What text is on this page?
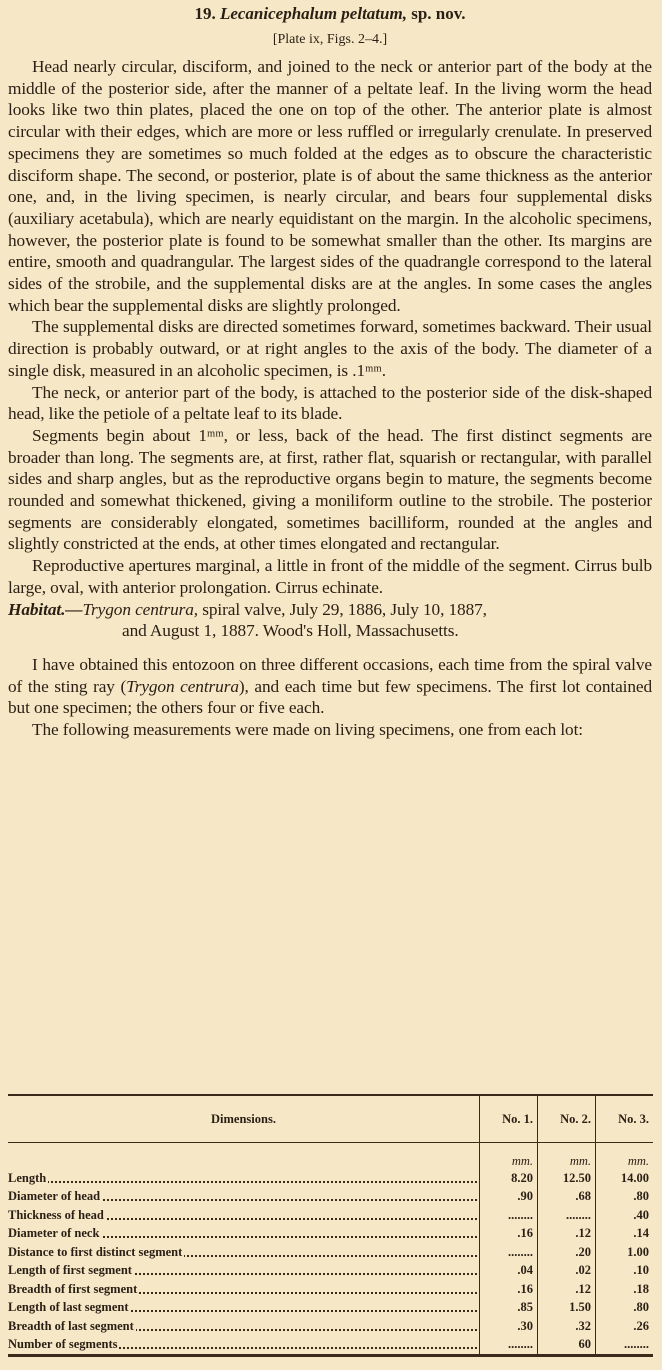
19. Lecanicephalum peltatum, sp. nov.
[Plate ix, Figs. 2–4.]

Head nearly circular, disciform, and joined to the neck or anterior part of the body at the middle of the posterior side, after the manner of a peltate leaf. In the living worm the head looks like two thin plates, placed the one on top of the other. The anterior plate is almost circular with their edges, which are more or less ruffled or irregularly crenulate. In preserved specimens they are sometimes so much folded at the edges as to obscure the characteristic disciform shape. The second, or posterior, plate is of about the same thickness as the anterior one, and, in the living specimen, is nearly circular, and bears four supplemental disks (auxiliary acetabula), which are nearly equidistant on the margin. In the alcoholic specimens, however, the posterior plate is found to be somewhat smaller than the other. Its margins are entire, smooth and quadrangular. The largest sides of the quadrangle correspond to the lateral sides of the strobile, and the supplemental disks are at the angles. In some cases the angles which bear the supplemental disks are slightly prolonged.

The supplemental disks are directed sometimes forward, sometimes backward. Their usual direction is probably outward, or at right angles to the axis of the body. The diameter of a single disk, measured in an alcoholic specimen, is .1ᵐᵐ.

The neck, or anterior part of the body, is attached to the posterior side of the disk-shaped head, like the petiole of a peltate leaf to its blade.

Segments begin about 1ᵐᵐ, or less, back of the head. The first distinct segments are broader than long. The segments are, at first, rather flat, squarish or rectangular, with parallel sides and sharp angles, but as the reproductive organs begin to mature, the segments become rounded and somewhat thickened, giving a moniliform outline to the strobile. The posterior segments are considerably elongated, sometimes bacilliform, rounded at the angles and slightly constricted at the ends, at other times elongated and rectangular.

Reproductive apertures marginal, a little in front of the middle of the segment. Cirrus bulb large, oval, with anterior prolongation. Cirrus echinate.

Habitat.—Trygon centrura, spiral valve, July 29, 1886, July 10, 1887,
and August 1, 1887. Wood's Holl, Massachusetts.

I have obtained this entozoon on three different occasions, each time from the spiral valve of the sting ray (Trygon centrura), and each time but few specimens. The first lot contained but one specimen; the others four or five each.

The following measurements were made on living specimens, one from each lot:

Dimensions.	No. 1.	No. 2.	No. 3.
	mm.	mm.	mm.
Length	8.20	12.50	14.00
Diameter of head	.90	.68	.80
Thickness of head	........	........	.40
Diameter of neck	.16	.12	.14
Distance to first distinct segment	........	.20	1.00
Length of first segment	.04	.02	.10
Breadth of first segment	.16	.12	.18
Length of last segment	.85	1.50	.80
Breadth of last segment	.30	.32	.26
Number of segments	........	60	........
